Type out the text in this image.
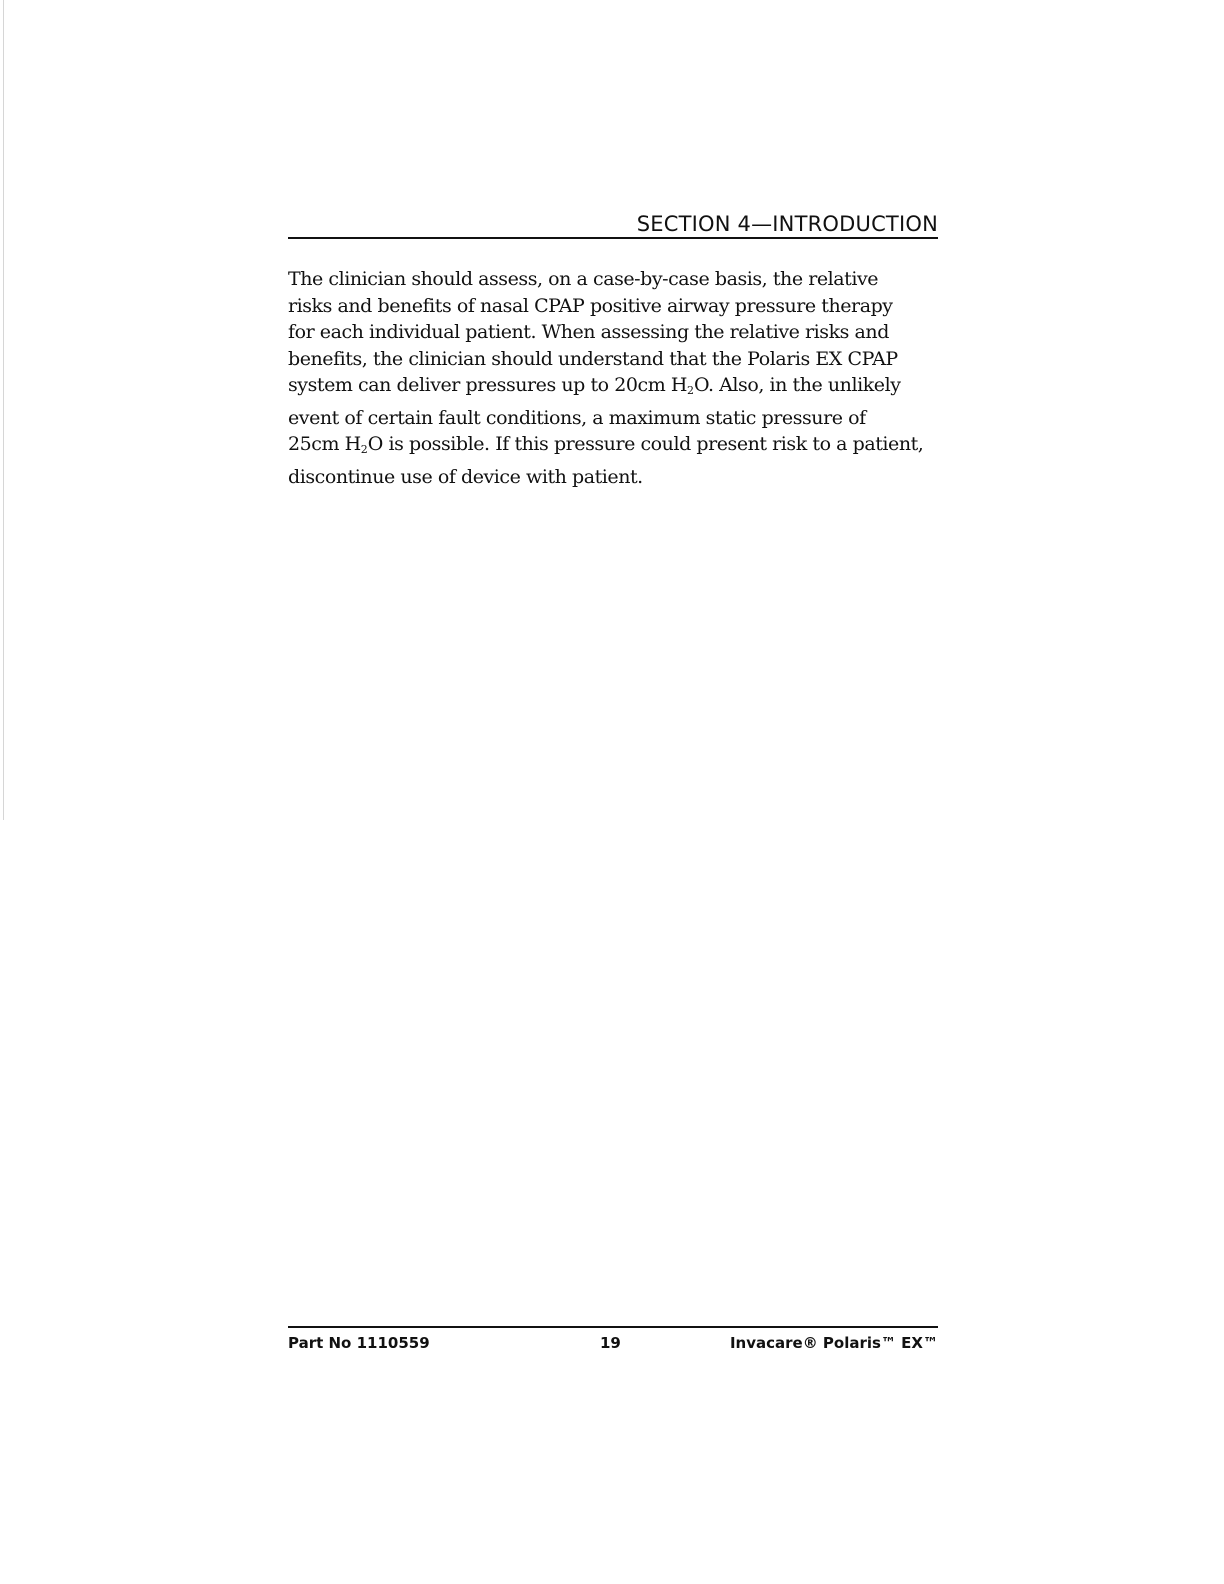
SECTION 4—INTRODUCTION

The clinician should assess, on a case-by-case basis, the relative
risks and benefits of nasal CPAP positive airway pressure therapy
for each individual patient. When assessing the relative risks and
benefits, the clinician should understand that the Polaris EX CPAP
system can deliver pressures up to 20cm $H_2O$. Also, in the unlikely
event of certain fault conditions, a maximum static pressure of
25cm $H_2O$ is possible. If this pressure could present risk to a patient,
discontinue use of device with patient.

Part No 1110559	19	Invacare® Polaris™ EX™
